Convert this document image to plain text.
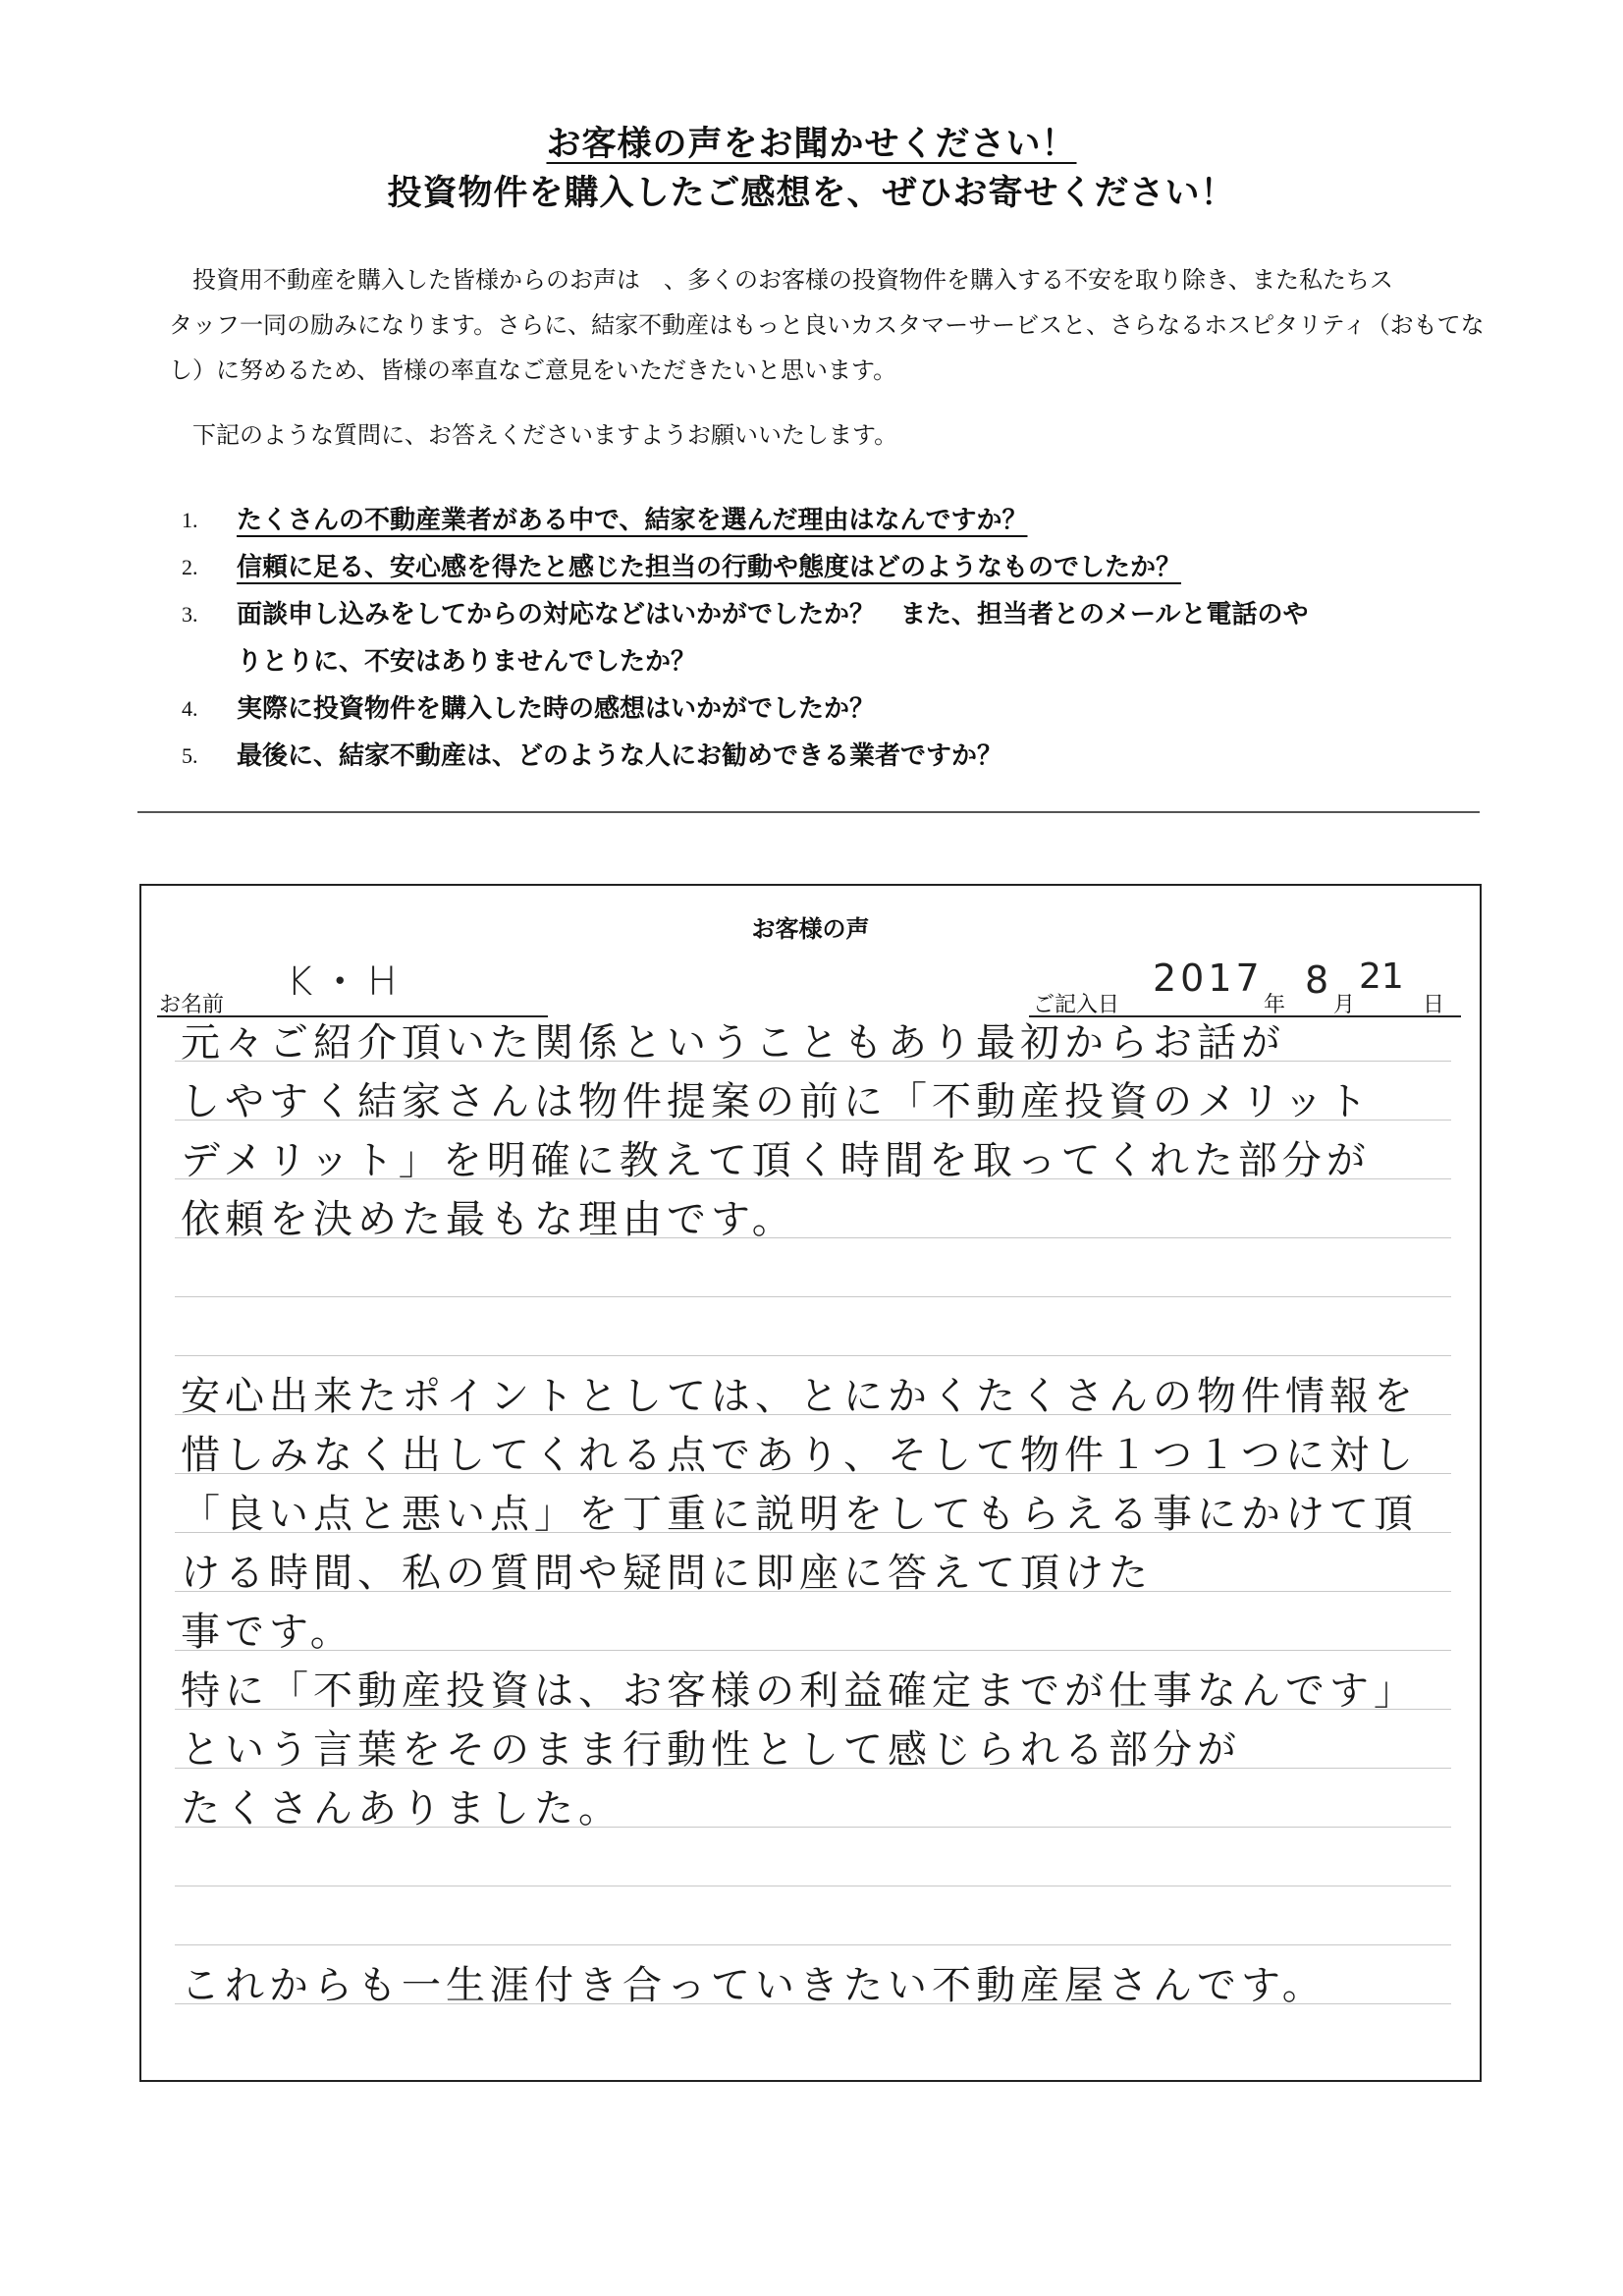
お客様の声をお聞かせください！
投資物件を購入したご感想を、ぜひお寄せください！

投資用不動産を購入した皆様からのお声は　、多くのお客様の投資物件を購入する不安を取り除き、また私たちス

タッフ一同の励みになります。さらに、結家不動産はもっと良いカスタマーサービスと、さらなるホスピタリティ（おもてな

し）に努めるため、皆様の率直なご意見をいただきたいと思います。

下記のような質問に、お答えくださいますようお願いいたします。

1. たくさんの不動産業者がある中で、結家を選んだ理由はなんですか？
2. 信頼に足る、安心感を得たと感じた担当の行動や態度はどのようなものでしたか？
3. 面談申し込みをしてからの対応などはいかがでしたか？　また、担当者とのメールと電話のや
りとりに、不安はありませんでしたか？
4. 実際に投資物件を購入した時の感想はいかがでしたか？
5. 最後に、結家不動産は、どのような人にお勧めできる業者ですか？
お客様の声
お名前
K・H
ご記入日
2017
年
8
月
21
日
元々ご紹介頂いた関係ということもあり最初からお話が
しやすく結家さんは物件提案の前に「不動産投資のメリット
デメリット」を明確に教えて頂く時間を取ってくれた部分が
依頼を決めた最もな理由です。
安心出来たポイントとしては、とにかくたくさんの物件情報を
惜しみなく出してくれる点であり、そして物件１つ１つに対し
「良い点と悪い点」を丁重に説明をしてもらえる事にかけて頂
ける時間、私の質問や疑問に即座に答えて頂けた
事です。
特に「不動産投資は、お客様の利益確定までが仕事なんです」
という言葉をそのまま行動性として感じられる部分が
たくさんありました。
これからも一生涯付き合っていきたい不動産屋さんです。
